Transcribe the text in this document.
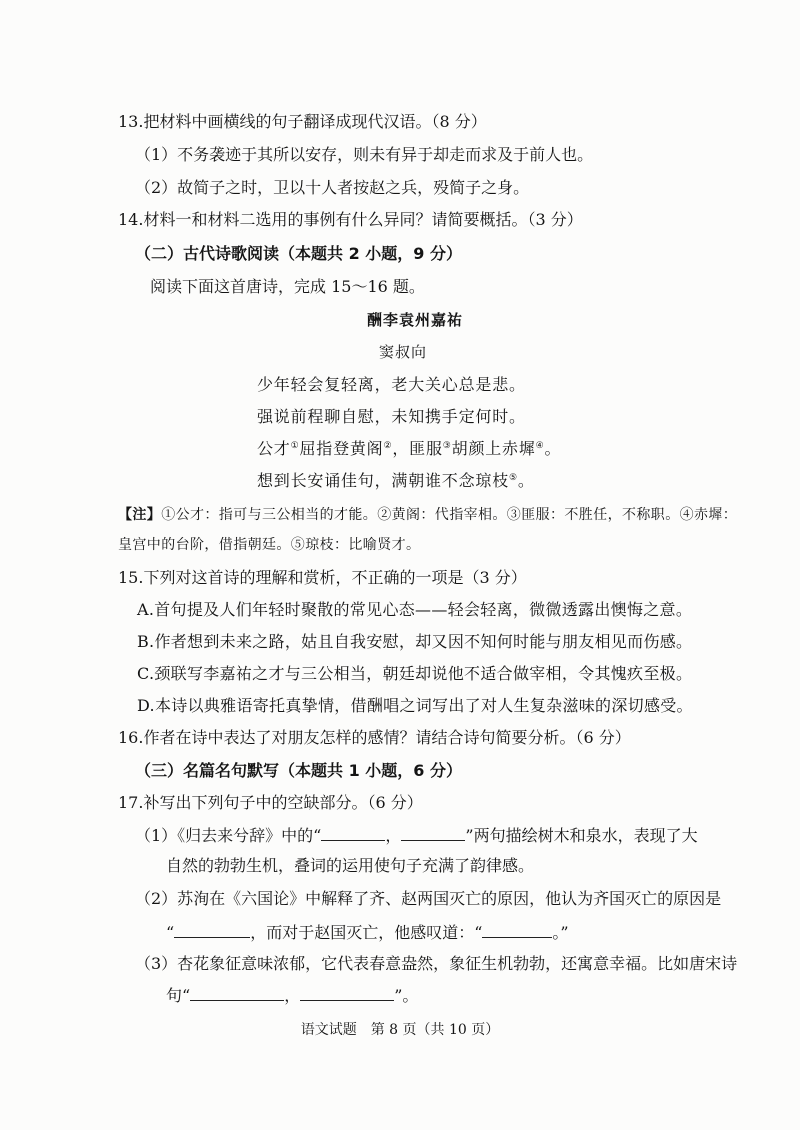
13.把材料中画横线的句子翻译成现代汉语。（8 分）
（1）不务袭迹于其所以安存，则未有异于却走而求及于前人也。
（2）故简子之时，卫以十人者按赵之兵，殁简子之身。
14.材料一和材料二选用的事例有什么异同？请简要概括。（3 分）
（二）古代诗歌阅读（本题共 2 小题，9 分）
阅读下面这首唐诗，完成 15～16 题。
酬李袁州嘉祐
窦叔向
少年轻会复轻离，老大关心总是悲。
强说前程聊自慰，未知携手定何时。
公才①屈指登黄阁②，匪服③胡颜上赤墀④。
想到长安诵佳句，满朝谁不念琼枝⑤。
【注】①公才：指可与三公相当的才能。②黄阁：代指宰相。③匪服：不胜任，不称职。④赤墀：
皇宫中的台阶，借指朝廷。⑤琼枝：比喻贤才。
15.下列对这首诗的理解和赏析，不正确的一项是（3 分）
A.首句提及人们年轻时聚散的常见心态——轻会轻离，微微透露出懊悔之意。
B.作者想到未来之路，姑且自我安慰，却又因不知何时能与朋友相见而伤感。
C.颈联写李嘉祐之才与三公相当，朝廷却说他不适合做宰相，令其愧疚至极。
D.本诗以典雅语寄托真挚情，借酬唱之词写出了对人生复杂滋味的深切感受。
16.作者在诗中表达了对朋友怎样的感情？请结合诗句简要分析。（6 分）
（三）名篇名句默写（本题共 1 小题，6 分）
17.补写出下列句子中的空缺部分。（6 分）
（1）《归去来兮辞》中的“	，	”两句描绘树木和泉水，表现了大
自然的勃勃生机，叠词的运用使句子充满了韵律感。
（2）苏洵在《六国论》中解释了齐、赵两国灭亡的原因，他认为齐国灭亡的原因是
“	，而对于赵国灭亡，他感叹道：“	。”
（3）杏花象征意味浓郁，它代表春意盎然，象征生机勃勃，还寓意幸福。比如唐宋诗
句“	，	”。
语文试题　第 8 页（共 10 页）
